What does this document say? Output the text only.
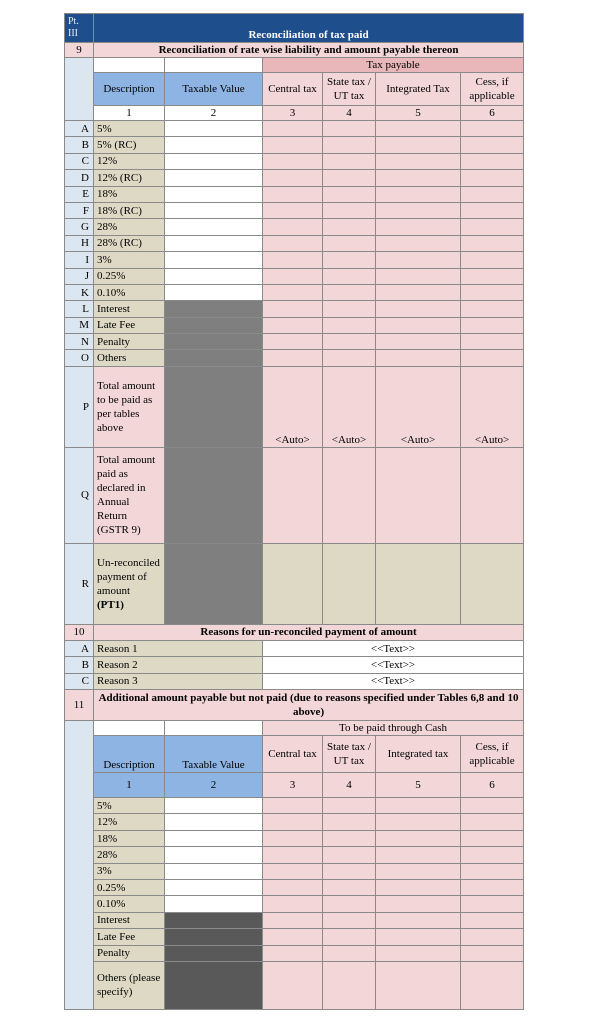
Pt.
III	Reconciliation of tax paid					
9	Reconciliation of rate wise liability and amount payable thereon					
			Tax payable			
	Description	Taxable Value	Central tax	State tax / UT tax	Integrated Tax	Cess, if applicable
	1	2	3	4	5	6
A	5%					
B	5% (RC)					
C	12%					
D	12% (RC)					
E	18%					
F	18% (RC)					
G	28%					
H	28% (RC)					
I	3%					
J	0.25%					
K	0.10%					
L	Interest					
M	Late Fee					
N	Penalty					
O	Others					
P	Total amount to be paid as per tables above		<Auto>	<Auto>	<Auto>	<Auto>
Q	Total amount paid as declared in Annual Return (GSTR 9)					
R	Un-reconciled payment of amount
(PT1)					
10	Reasons for un-reconciled payment of amount					
A	Reason 1		<<Text>>			
B	Reason 2		<<Text>>			
C	Reason 3		<<Text>>			
11	Additional amount payable but not paid (due to reasons specified under Tables 6,8 and 10 above)					
			To be paid through Cash			
	Description	Taxable Value	Central tax	State tax / UT tax	Integrated tax	Cess, if applicable
	1	2	3	4	5	6
	5%					
	12%					
	18%					
	28%					
	3%					
	0.25%					
	0.10%					
	Interest					
	Late Fee					
	Penalty					
	Others (please specify)					
